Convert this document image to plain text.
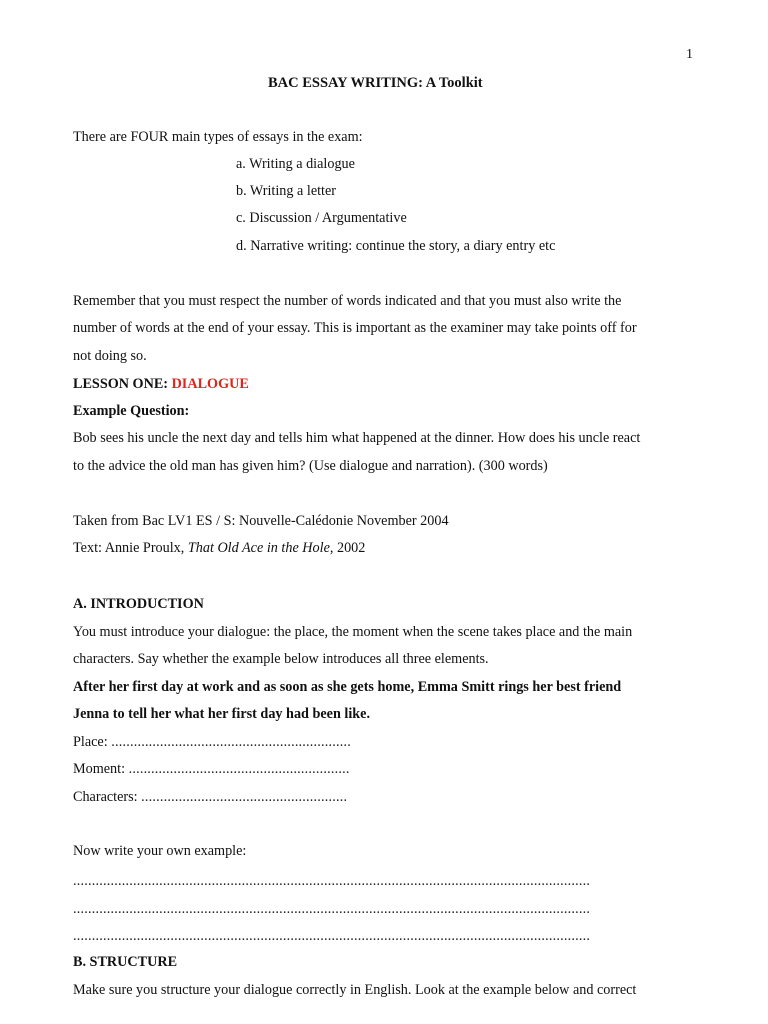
1
BAC ESSAY WRITING: A Toolkit
There are FOUR main types of essays in the exam:
a. Writing a dialogue
b. Writing a letter
c. Discussion / Argumentative
d. Narrative writing: continue the story, a diary entry etc
Remember that you must respect the number of words indicated and that you must also write the
number of words at the end of your essay. This is important as the examiner may take points off for
not doing so.
LESSON ONE: DIALOGUE
Example Question:
Bob sees his uncle the next day and tells him what happened at the dinner. How does his uncle react
to the advice the old man has given him? (Use dialogue and narration). (300 words)
Taken from Bac LV1 ES / S: Nouvelle-Calédonie November 2004
Text: Annie Proulx, That Old Ace in the Hole, 2002
A. INTRODUCTION
You must introduce your dialogue: the place, the moment when the scene takes place and the main
characters. Say whether the example below introduces all three elements.
After her first day at work and as soon as she gets home, Emma Smitt rings her best friend
Jenna to tell her what her first day had been like.
Place: ................................................................
Moment: ...........................................................
Characters: .......................................................
Now write your own example:
..........................................................................................................................................
..........................................................................................................................................
..........................................................................................................................................
B. STRUCTURE
Make sure you structure your dialogue correctly in English. Look at the example below and correct
